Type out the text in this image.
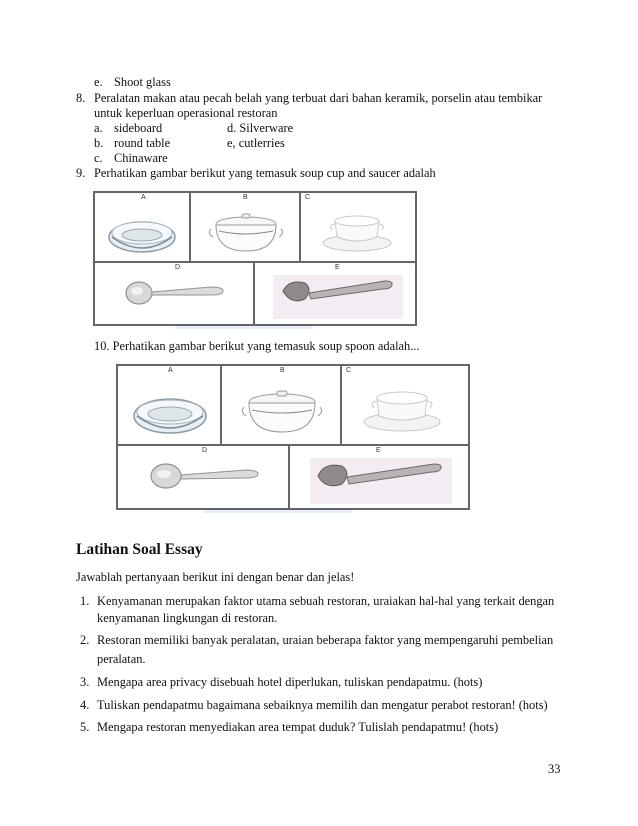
e. Shoot glass
8. Peralatan makan atau pecah belah yang terbuat dari bahan keramik, porselin atau tembikar
untuk keperluan operasional restoran
a. sideboard	d. Silverware
b. round table	e, cutlerries
c. Chinaware
9. Perhatikan gambar berikut yang temasuk soup cup and saucer adalah
A	B	C
D	E
10. Perhatikan gambar berikut yang temasuk soup spoon adalah...
A	B	C
D	E
Latihan Soal Essay
Jawablah pertanyaan berikut ini dengan benar dan jelas!
1. Kenyamanan merupakan faktor utama sebuah restoran, uraiakan hal-hal yang terkait dengan
kenyamanan lingkungan di restoran.
2. Restoran memiliki banyak peralatan, uraian beberapa faktor yang mempengaruhi pembelian
peralatan.
3. Mengapa area privacy disebuah hotel diperlukan, tuliskan pendapatmu. (hots)
4. Tuliskan pendapatmu bagaimana sebaiknya memilih dan mengatur perabot restoran! (hots)
5. Mengapa restoran menyediakan area tempat duduk? Tulislah pendapatmu! (hots)
33
